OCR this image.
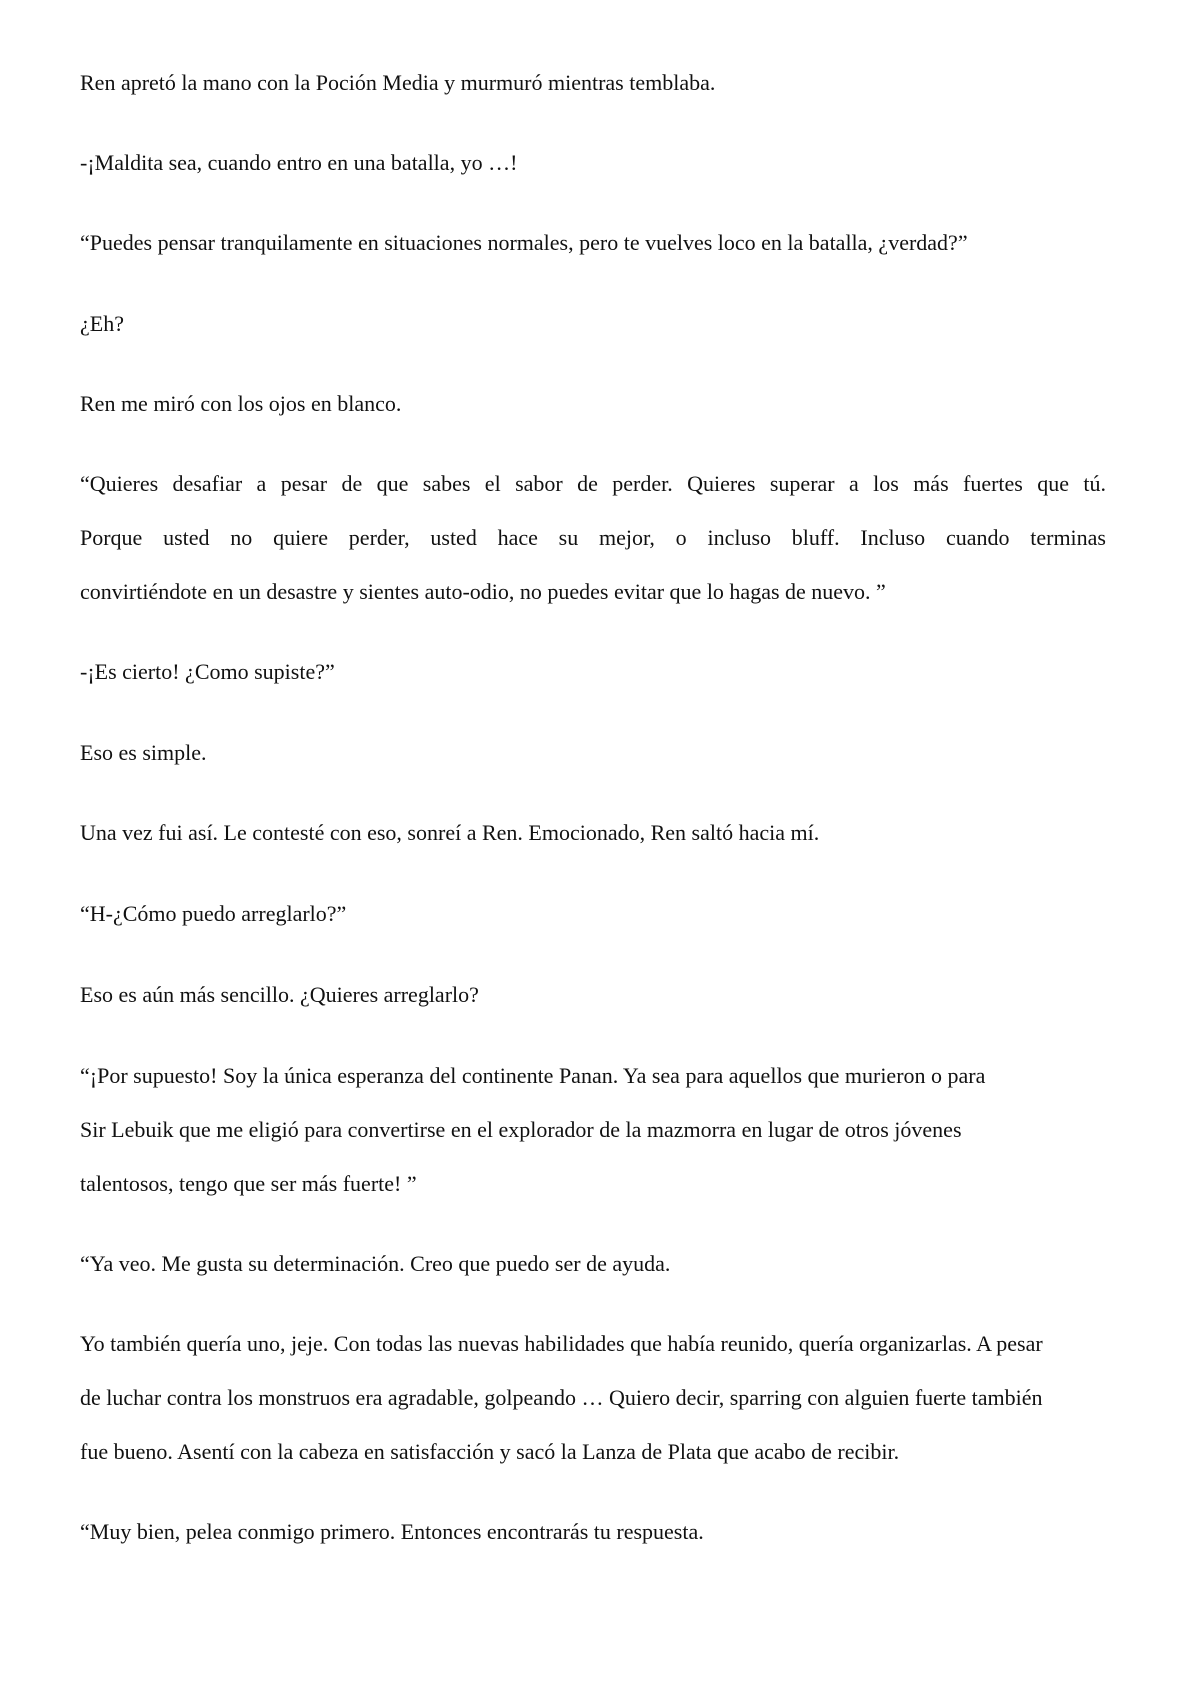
Ren apretó la mano con la Poción Media y murmuró mientras temblaba.

-¡Maldita sea, cuando entro en una batalla, yo …!

“Puedes pensar tranquilamente en situaciones normales, pero te vuelves loco en la batalla, ¿verdad?”

¿Eh?

Ren me miró con los ojos en blanco.

“Quieres desafiar a pesar de que sabes el sabor de perder. Quieres superar a los más fuertes que tú.
Porque usted no quiere perder, usted hace su mejor, o incluso bluff. Incluso cuando terminas
convirtiéndote en un desastre y sientes auto-odio, no puedes evitar que lo hagas de nuevo. ”

-¡Es cierto! ¿Como supiste?”

Eso es simple.

Una vez fui así. Le contesté con eso, sonreí a Ren. Emocionado, Ren saltó hacia mí.

“H-¿Cómo puedo arreglarlo?”

Eso es aún más sencillo. ¿Quieres arreglarlo?

“¡Por supuesto! Soy la única esperanza del continente Panan. Ya sea para aquellos que murieron o para
Sir Lebuik que me eligió para convertirse en el explorador de la mazmorra en lugar de otros jóvenes
talentosos, tengo que ser más fuerte! ”

“Ya veo. Me gusta su determinación. Creo que puedo ser de ayuda.

Yo también quería uno, jeje. Con todas las nuevas habilidades que había reunido, quería organizarlas. A pesar
de luchar contra los monstruos era agradable, golpeando … Quiero decir, sparring con alguien fuerte también
fue bueno. Asentí con la cabeza en satisfacción y sacó la Lanza de Plata que acabo de recibir.

“Muy bien, pelea conmigo primero. Entonces encontrarás tu respuesta.
